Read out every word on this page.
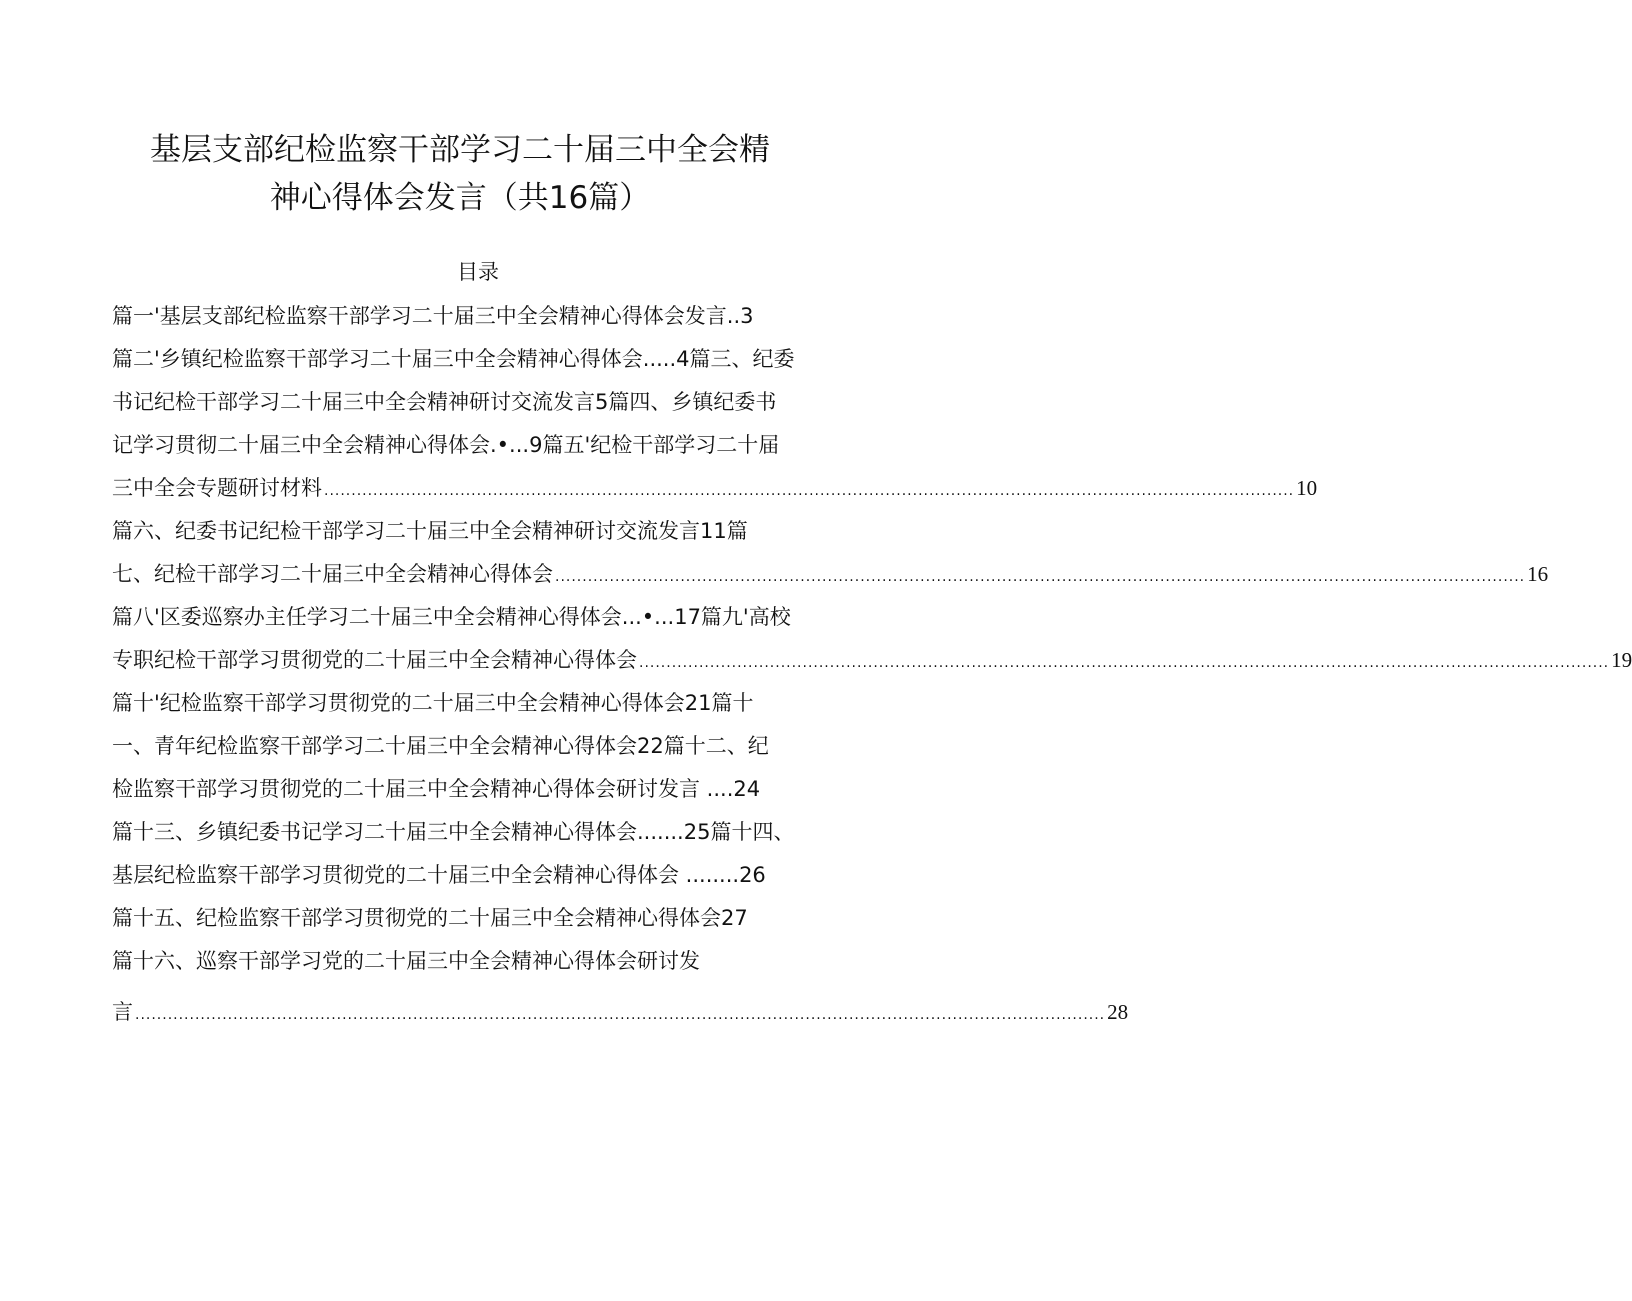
基层支部纪检监察干部学习二十届三中全会精
神心得体会发言（共16篇）
目录
篇一'基层支部纪检监察干部学习二十届三中全会精神心得体会发言..3
篇二'乡镇纪检监察干部学习二十届三中全会精神心得体会.....4篇三、纪委
书记纪检干部学习二十届三中全会精神研讨交流发言5篇四、乡镇纪委书
记学习贯彻二十届三中全会精神心得体会.•...9篇五'纪检干部学习二十届
三中全会专题研讨材料 .................................................................................................................................................................................. 10
篇六、纪委书记纪检干部学习二十届三中全会精神研讨交流发言11篇
七、纪检干部学习二十届三中全会精神心得体会 .................................................................................................................................................................................. 16
篇八'区委巡察办主任学习二十届三中全会精神心得体会...•...17篇九'高校
专职纪检干部学习贯彻党的二十届三中全会精神心得体会 .................................................................................................................................................................................. 19
篇十'纪检监察干部学习贯彻党的二十届三中全会精神心得体会21篇十
一、青年纪检监察干部学习二十届三中全会精神心得体会22篇十二、纪
检监察干部学习贯彻党的二十届三中全会精神心得体会研讨发言 ....24
篇十三、乡镇纪委书记学习二十届三中全会精神心得体会.......25篇十四、
基层纪检监察干部学习贯彻党的二十届三中全会精神心得体会 ........26
篇十五、纪检监察干部学习贯彻党的二十届三中全会精神心得体会27
篇十六、巡察干部学习党的二十届三中全会精神心得体会研讨发
言 .................................................................................................................................................................................. 28
